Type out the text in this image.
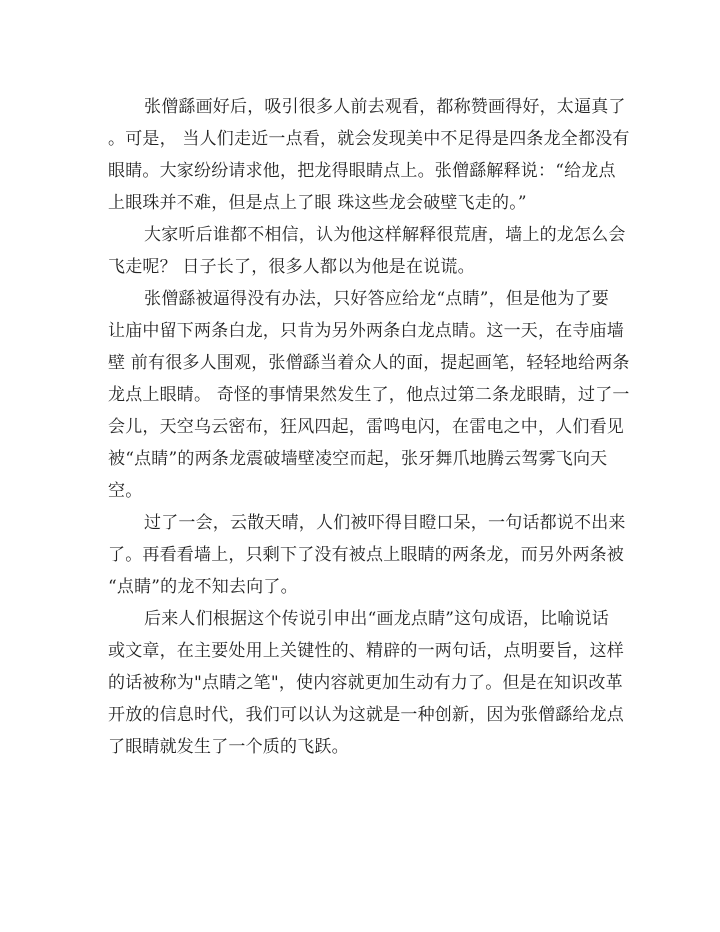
张僧繇画好后，吸引很多人前去观看，都称赞画得好，太逼真了
。可是， 当人们走近一点看，就会发现美中不足得是四条龙全都没有
眼睛。大家纷纷请求他，把龙得眼睛点上。张僧繇解释说：“给龙点
上眼珠并不难，但是点上了眼 珠这些龙会破壁飞走的。”
大家听后谁都不相信，认为他这样解释很荒唐，墙上的龙怎么会
飞走呢？ 日子长了，很多人都以为他是在说谎。
张僧繇被逼得没有办法，只好答应给龙“点睛”，但是他为了要
让庙中留下两条白龙，只肯为另外两条白龙点睛。这一天，在寺庙墙
壁 前有很多人围观，张僧繇当着众人的面，提起画笔，轻轻地给两条
龙点上眼睛。 奇怪的事情果然发生了，他点过第二条龙眼睛，过了一
会儿，天空乌云密布，狂风四起，雷鸣电闪，在雷电之中，人们看见
被“点睛”的两条龙震破墙壁凌空而起，张牙舞爪地腾云驾雾飞向天
空。
过了一会，云散天晴，人们被吓得目瞪口呆，一句话都说不出来
了。再看看墙上，只剩下了没有被点上眼睛的两条龙，而另外两条被
“点睛”的龙不知去向了。
后来人们根据这个传说引申出“画龙点睛”这句成语，比喻说话
或文章，在主要处用上关键性的、精辟的一两句话，点明要旨，这样
的话被称为"点睛之笔"，使内容就更加生动有力了。但是在知识改革
开放的信息时代，我们可以认为这就是一种创新，因为张僧繇给龙点
了眼睛就发生了一个质的飞跃。
